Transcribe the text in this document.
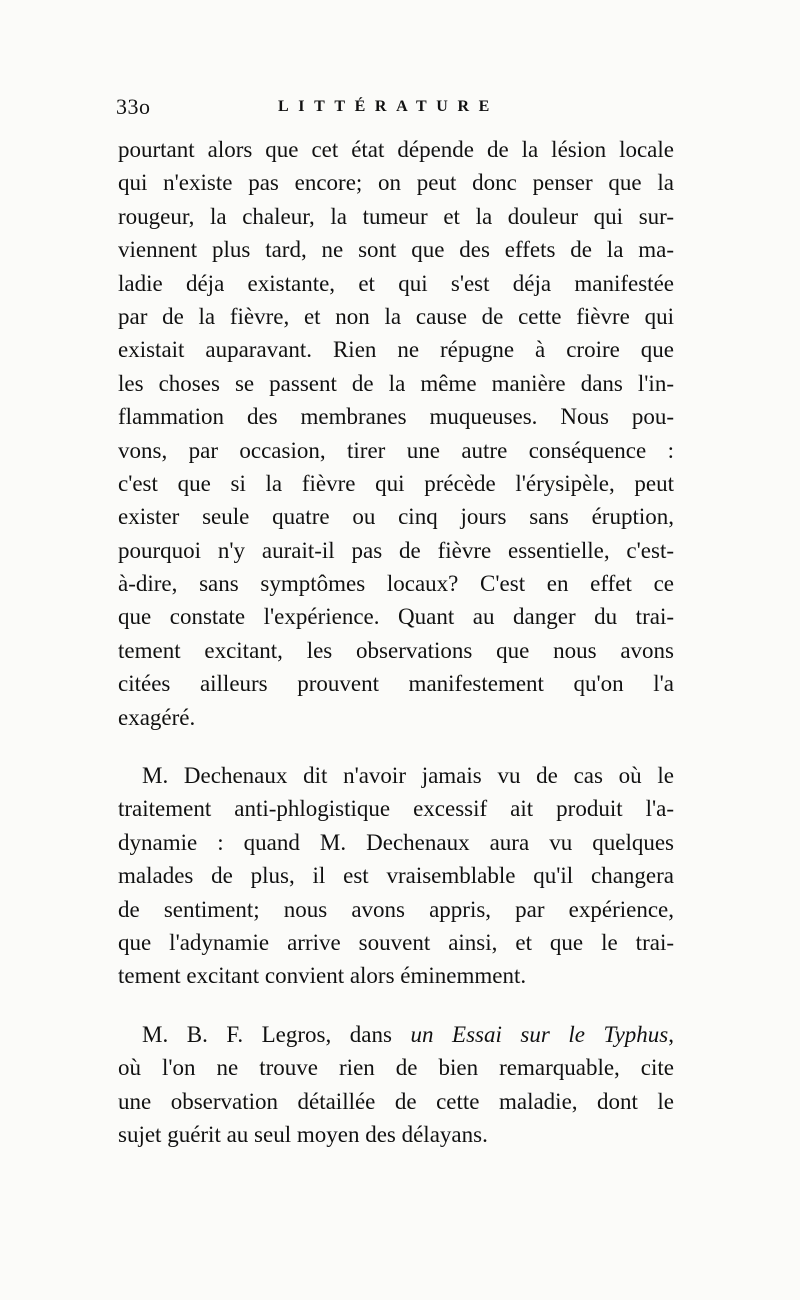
33o	LITTÉRATURE
pourtant alors que cet état dépende de la lésion locale
qui n'existe pas encore; on peut donc penser que la
rougeur, la chaleur, la tumeur et la douleur qui sur-
viennent plus tard, ne sont que des effets de la ma-
ladie déja existante, et qui s'est déja manifestée
par de la fièvre, et non la cause de cette fièvre qui
existait auparavant. Rien ne répugne à croire que
les choses se passent de la même manière dans l'in-
flammation des membranes muqueuses. Nous pou-
vons, par occasion, tirer une autre conséquence :
c'est que si la fièvre qui précède l'érysipèle, peut
exister seule quatre ou cinq jours sans éruption,
pourquoi n'y aurait-il pas de fièvre essentielle, c'est-
à-dire, sans symptômes locaux? C'est en effet ce
que constate l'expérience. Quant au danger du trai-
tement excitant, les observations que nous avons
citées ailleurs prouvent manifestement qu'on l'a
exagéré.
M. Dechenaux dit n'avoir jamais vu de cas où le
traitement anti-phlogistique excessif ait produit l'a-
dynamie : quand M. Dechenaux aura vu quelques
malades de plus, il est vraisemblable qu'il changera
de sentiment; nous avons appris, par expérience,
que l'adynamie arrive souvent ainsi, et que le trai-
tement excitant convient alors éminemment.
M. B. F. Legros, dans un Essai sur le Typhus,
où l'on ne trouve rien de bien remarquable, cite
une observation détaillée de cette maladie, dont le
sujet guérit au seul moyen des délayans.
